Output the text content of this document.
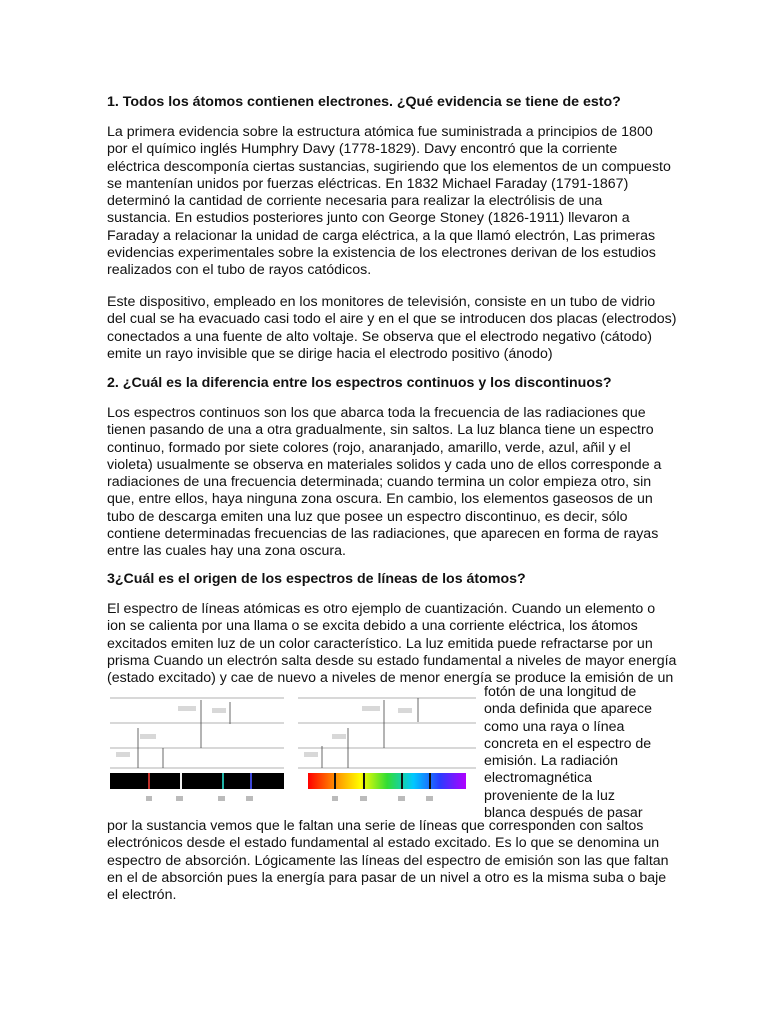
1. Todos los átomos contienen electrones. ¿Qué evidencia se tiene de esto?

La primera evidencia sobre la estructura atómica fue suministrada a principios de 1800
por el químico inglés Humphry Davy (1778-1829). Davy encontró que la corriente
eléctrica descomponía ciertas sustancias, sugiriendo que los elementos de un compuesto
se mantenían unidos por fuerzas eléctricas. En 1832 Michael Faraday (1791-1867)
determinó la cantidad de corriente necesaria para realizar la electrólisis de una
sustancia. En estudios posteriores junto con George Stoney (1826-1911) llevaron a
Faraday a relacionar la unidad de carga eléctrica, a la que llamó electrón, Las primeras
evidencias experimentales sobre la existencia de los electrones derivan de los estudios
realizados con el tubo de rayos catódicos.

Este dispositivo, empleado en los monitores de televisión, consiste en un tubo de vidrio
del cual se ha evacuado casi todo el aire y en el que se introducen dos placas (electrodos)
conectados a una fuente de alto voltaje. Se observa que el electrodo negativo (cátodo)
emite un rayo invisible que se dirige hacia el electrodo positivo (ánodo)

2. ¿Cuál es la diferencia entre los espectros continuos y los discontinuos?

Los espectros continuos son los que abarca toda la frecuencia de las radiaciones que
tienen pasando de una a otra gradualmente, sin saltos. La luz blanca tiene un espectro
continuo, formado por siete colores (rojo, anaranjado, amarillo, verde, azul, añil y el
violeta) usualmente se observa en materiales solidos y cada uno de ellos corresponde a
radiaciones de una frecuencia determinada; cuando termina un color empieza otro, sin
que, entre ellos, haya ninguna zona oscura. En cambio, los elementos gaseosos de un
tubo de descarga emiten una luz que posee un espectro discontinuo, es decir, sólo
contiene determinadas frecuencias de las radiaciones, que aparecen en forma de rayas
entre las cuales hay una zona oscura.

3¿Cuál es el origen de los espectros de líneas de los átomos?

El espectro de líneas atómicas es otro ejemplo de cuantización. Cuando un elemento o
ion se calienta por una llama o se excita debido a una corriente eléctrica, los átomos
excitados emiten luz de un color característico. La luz emitida puede refractarse por un
prisma Cuando un electrón salta desde su estado fundamental a niveles de mayor energía
(estado excitado) y cae de nuevo a niveles de menor energía se produce la emisión de un

fotón de una longitud de
onda definida que aparece
como una raya o línea
concreta en el espectro de
emisión. La radiación
electromagnética
proveniente de la luz
blanca después de pasar
por la sustancia vemos que le faltan una serie de líneas que corresponden con saltos
electrónicos desde el estado fundamental al estado excitado. Es lo que se denomina un
espectro de absorción. Lógicamente las líneas del espectro de emisión son las que faltan
en el de absorción pues la energía para pasar de un nivel a otro es la misma suba o baje
el electrón.
